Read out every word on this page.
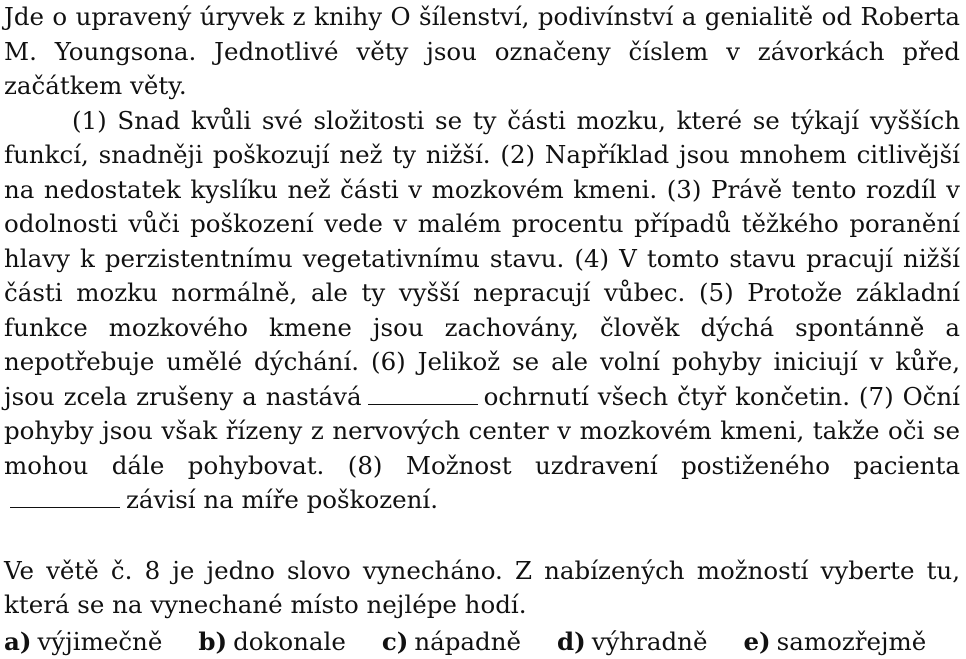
Jde o upravený úryvek z knihy O šílenství, podivínství a genialitě od Roberta M. Youngsona. Jednotlivé věty jsou označeny číslem v závorkách před začátkem věty.

(1) Snad kvůli své složitosti se ty části mozku, které se týkají vyšších funkcí, snadněji poškozují než ty nižší. (2) Například jsou mnohem citlivější na nedostatek kyslíku než části v mozkovém kmeni. (3) Právě tento rozdíl v odolnosti vůči poškození vede v malém procentu případů těžkého poranění hlavy k perzistentnímu vegetativnímu stavu. (4) V tomto stavu pracují nižší části mozku normálně, ale ty vyšší nepracují vůbec. (5) Protože základní funkce mozkového kmene jsou zachovány, člověk dýchá spontánně a nepotřebuje umělé dýchání. (6) Jelikož se ale volní pohyby iniciují v kůře, jsou zcela zrušeny a nastává	ochrnutí všech čtyř končetin. (7) Oční pohyby jsou však řízeny z nervových center v mozkovém kmeni, takže oči se mohou dále pohybovat. (8) Možnost uzdravení postiženého pacientazávisí na míře poškození.

Ve větě č. 8 je jedno slovo vynecháno. Z nabízených možností vyberte tu, která se na vynechané místo nejlépe hodí.

a) výjimečně b) dokonale c) nápadně d) výhradně e) samozřejmě
